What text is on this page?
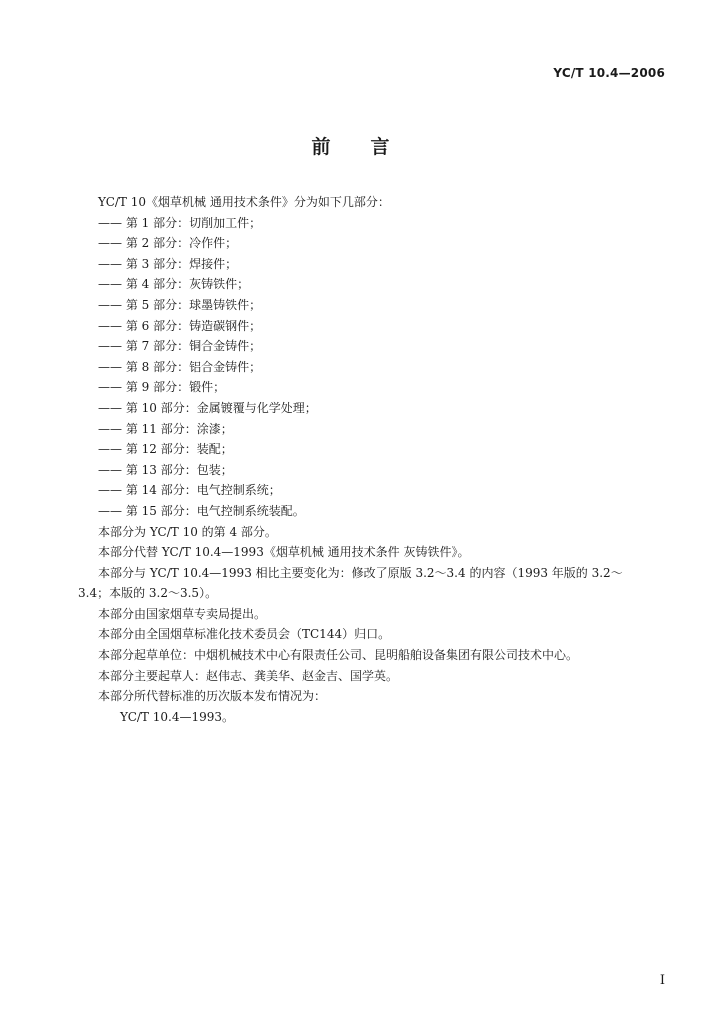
YC/T 10.4—2006
前言
YC/T 10《烟草机械 通用技术条件》分为如下几部分：
—— 第 1 部分：切削加工件；
—— 第 2 部分：冷作件；
—— 第 3 部分：焊接件；
—— 第 4 部分：灰铸铁件；
—— 第 5 部分：球墨铸铁件；
—— 第 6 部分：铸造碳钢件；
—— 第 7 部分：铜合金铸件；
—— 第 8 部分：铝合金铸件；
—— 第 9 部分：锻件；
—— 第 10 部分：金属镀覆与化学处理；
—— 第 11 部分：涂漆；
—— 第 12 部分：装配；
—— 第 13 部分：包装；
—— 第 14 部分：电气控制系统；
—— 第 15 部分：电气控制系统装配。
本部分为 YC/T 10 的第 4 部分。
本部分代替 YC/T 10.4—1993《烟草机械 通用技术条件 灰铸铁件》。
本部分与 YC/T 10.4—1993 相比主要变化为：修改了原版 3.2～3.4 的内容（1993 年版的 3.2～
3.4；本版的 3.2～3.5）。
本部分由国家烟草专卖局提出。
本部分由全国烟草标准化技术委员会（TC144）归口。
本部分起草单位：中烟机械技术中心有限责任公司、昆明船舶设备集团有限公司技术中心。
本部分主要起草人：赵伟志、龚美华、赵金吉、国学英。
本部分所代替标准的历次版本发布情况为：
YC/T 10.4—1993。
I
